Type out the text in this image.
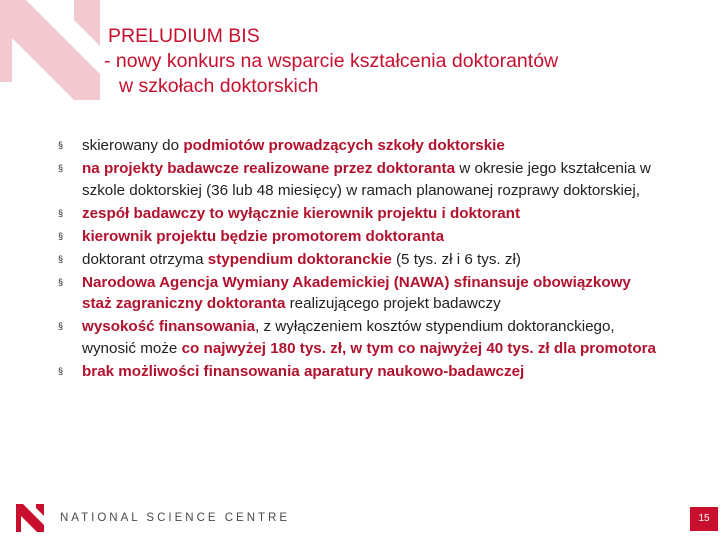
PRELUDIUM BIS
- nowy konkurs na wsparcie kształcenia doktorantów
w szkołach doktorskich
§	skierowany do podmiotów prowadzących szkoły doktorskie
§	na projekty badawcze realizowane przez doktoranta w okresie jego kształcenia w szkole doktorskiej (36 lub 48 miesięcy) w ramach planowanej rozprawy doktorskiej,
§	zespół badawczy to wyłącznie kierownik projektu i doktorant
§	kierownik projektu będzie promotorem doktoranta
§	doktorant otrzyma stypendium doktoranckie (5 tys. zł i 6 tys. zł)
§	Narodowa Agencja Wymiany Akademickiej (NAWA) sfinansuje obowiązkowy staż zagraniczny doktoranta realizującego projekt badawczy
§	wysokość finansowania, z wyłączeniem kosztów stypendium doktoranckiego, wynosić może co najwyżej 180 tys. zł, w tym co najwyżej 40 tys. zł dla promotora
§	brak możliwości finansowania aparatury naukowo-badawczej
NATIONAL SCIENCE CENTRE	15
